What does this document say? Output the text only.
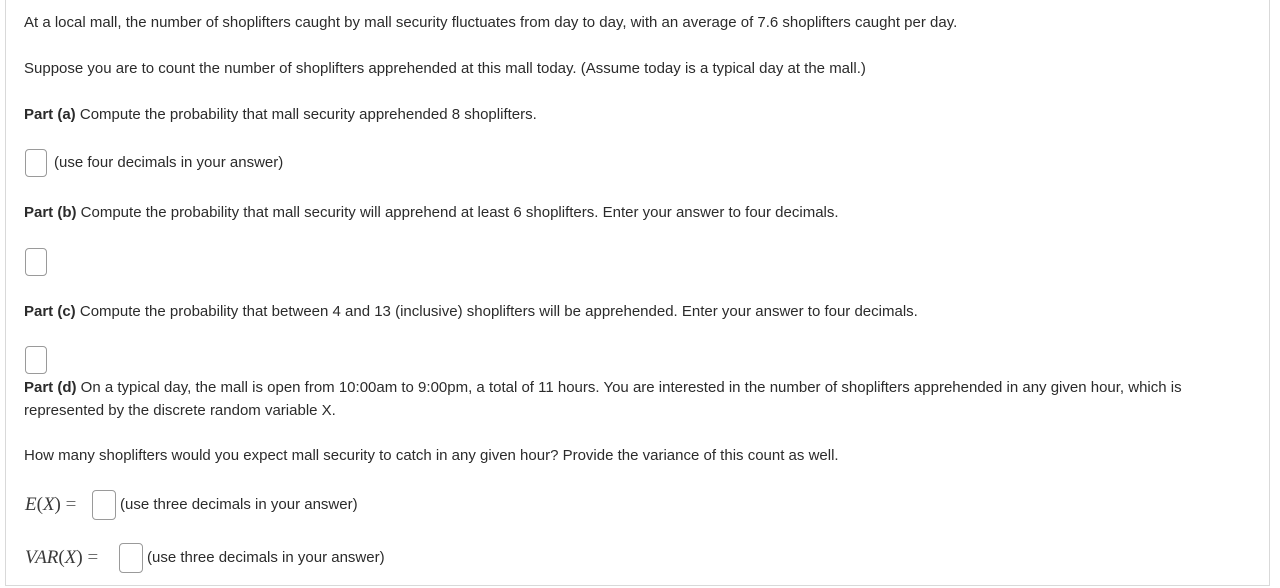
At a local mall, the number of shoplifters caught by mall security fluctuates from day to day, with an average of 7.6 shoplifters caught per day.
Suppose you are to count the number of shoplifters apprehended at this mall today. (Assume today is a typical day at the mall.)
Part (a) Compute the probability that mall security apprehended 8 shoplifters.
(use four decimals in your answer)
Part (b) Compute the probability that mall security will apprehend at least 6 shoplifters. Enter your answer to four decimals.
Part (c) Compute the probability that between 4 and 13 (inclusive) shoplifters will be apprehended. Enter your answer to four decimals.
Part (d) On a typical day, the mall is open from 10:00am to 9:00pm, a total of 11 hours. You are interested in the number of shoplifters apprehended in any given hour, which is represented by the discrete random variable X.
How many shoplifters would you expect mall security to catch in any given hour? Provide the variance of this count as well.
E(X) =	(use three decimals in your answer)
VAR(X) =	(use three decimals in your answer)
